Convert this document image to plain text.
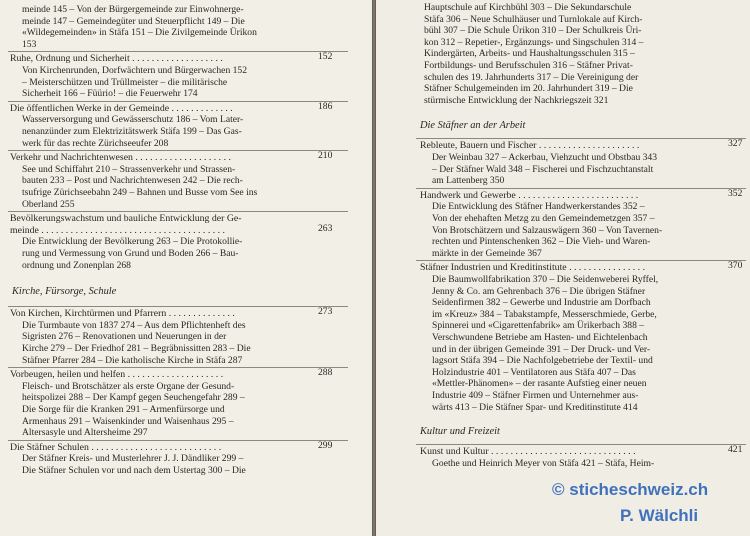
meinde 145 – Von der Bürgergemeinde zur Einwohnerge-
meinde 147 – Gemeindegüter und Steuerpflicht 149 – Die
«Wildegemeinden» in Stäfa 151 – Die Zivilgemeinde Ürikon
153
Ruhe, Ordnung und Sicherheit . . . . . . . . . . . . . . . . . . .	152
Von Kirchenrunden, Dorfwächtern und Bürgerwachen 152
– Meisterschützen und Trüllmeister – die militärische
Sicherheit 166 – Füürio! – die Feuerwehr 174
Die öffentlichen Werke in der Gemeinde . . . . . . . . . . . . .	186
Wasserversorgung und Gewässerschutz 186 – Vom Later-
nenanzünder zum Elektrizitätswerk Stäfa 199 – Das Gas-
werk für das rechte Zürichseeufer 208
Verkehr und Nachrichtenwesen . . . . . . . . . . . . . . . . . . . .	210
See und Schiffahrt 210 – Strassenverkehr und Strassen-
bauten 233 – Post und Nachrichtenwesen 242 – Die rech-
tsufrige Zürichseebahn 249 – Bahnen und Busse vom See ins
Oberland 255
Bevölkerungswachstum und bauliche Entwicklung der Ge-
meinde . . . . . . . . . . . . . . . . . . . . . . . . . . . . . . . . . . . . . .	263
Die Entwicklung der Bevölkerung 263 – Die Protokollie-
rung und Vermessung von Grund und Boden 266 – Bau-
ordnung und Zonenplan 268
Kirche, Fürsorge, Schule
Von Kirchen, Kirchtürmen und Pfarrern . . . . . . . . . . . . . .	273
Die Turmbaute von 1837 274 – Aus dem Pflichtenheft des
Sigristen 276 – Renovationen und Neuerungen in der
Kirche 279 – Der Friedhof 281 – Begräbnissitten 283 – Die
Stäfner Pfarrer 284 – Die katholische Kirche in Stäfa 287
Vorbeugen, heilen und helfen . . . . . . . . . . . . . . . . . . . .	288
Fleisch- und Brotschätzer als erste Organe der Gesund-
heitspolizei 288 – Der Kampf gegen Seuchengefahr 289 –
Die Sorge für die Kranken 291 – Armenfürsorge und
Armenhaus 291 – Waisenkinder und Waisenhaus 295 –
Altersasyle und Altersheime 297
Die Stäfner Schulen . . . . . . . . . . . . . . . . . . . . . . . . . . .	299
Der Stäfner Kreis- und Musterlehrer J. J. Dändliker 299 –
Die Stäfner Schulen vor und nach dem Ustertag 300 – Die
Hauptschule auf Kirchbühl 303 – Die Sekundarschule
Stäfa 306 – Neue Schulhäuser und Turnlokale auf Kirch-
bühl 307 – Die Schule Ürikon 310 – Der Schulkreis Üri-
kon 312 – Repetier-, Ergänzungs- und Singschulen 314 –
Kindergärten, Arbeits- und Haushaltungsschulen 315 –
Fortbildungs- und Berufsschulen 316 – Stäfner Privat-
schulen des 19. Jahrhunderts 317 – Die Vereinigung der
Stäfner Schulgemeinden im 20. Jahrhundert 319 – Die
stürmische Entwicklung der Nachkriegszeit 321
Die Stäfner an der Arbeit
Rebleute, Bauern und Fischer . . . . . . . . . . . . . . . . . . . . .	327
Der Weinbau 327 – Ackerbau, Viehzucht und Obstbau 343
– Der Stäfner Wald 348 – Fischerei und Fischzuchtanstalt
am Lattenberg 350
Handwerk und Gewerbe . . . . . . . . . . . . . . . . . . . . . . . . .	352
Die Entwicklung des Stäfner Handwerkerstandes 352 –
Von der ehehaften Metzg zu den Gemeindemetzgen 357 –
Von Brotschätzern und Salzauswägern 360 – Von Tavernen-
rechten und Pintenschenken 362 – Die Vieh- und Waren-
märkte in der Gemeinde 367
Stäfner Industrien und Kreditinstitute . . . . . . . . . . . . . . . .	370
Die Baumwollfabrikation 370 – Die Seidenweberei Ryffel,
Jenny & Co. am Gehrenbach 376 – Die übrigen Stäfner
Seidenfirmen 382 – Gewerbe und Industrie am Dorfbach
im «Kreuz» 384 – Tabakstampfe, Messerschmiede, Gerbe,
Spinnerei und «Cigarettenfabrik» am Ürikerbach 388 –
Verschwundene Betriebe am Hasten- und Eichtelenbach
und in der übrigen Gemeinde 391 – Der Druck- und Ver-
lagsort Stäfa 394 – Die Nachfolgebetriebe der Textil- und
Holzindustrie 401 – Ventilatoren aus Stäfa 407 – Das
«Mettler-Phänomen» – der rasante Aufstieg einer neuen
Industrie 409 – Stäfner Firmen und Unternehmer aus-
wärts 413 – Die Stäfner Spar- und Kreditinstitute 414
Kultur und Freizeit
Kunst und Kultur . . . . . . . . . . . . . . . . . . . . . . . . . . . . . .	421
Goethe und Heinrich Meyer von Stäfa 421 – Stäfa, Heim-
© sticheschweiz.ch
P. Wälchli
